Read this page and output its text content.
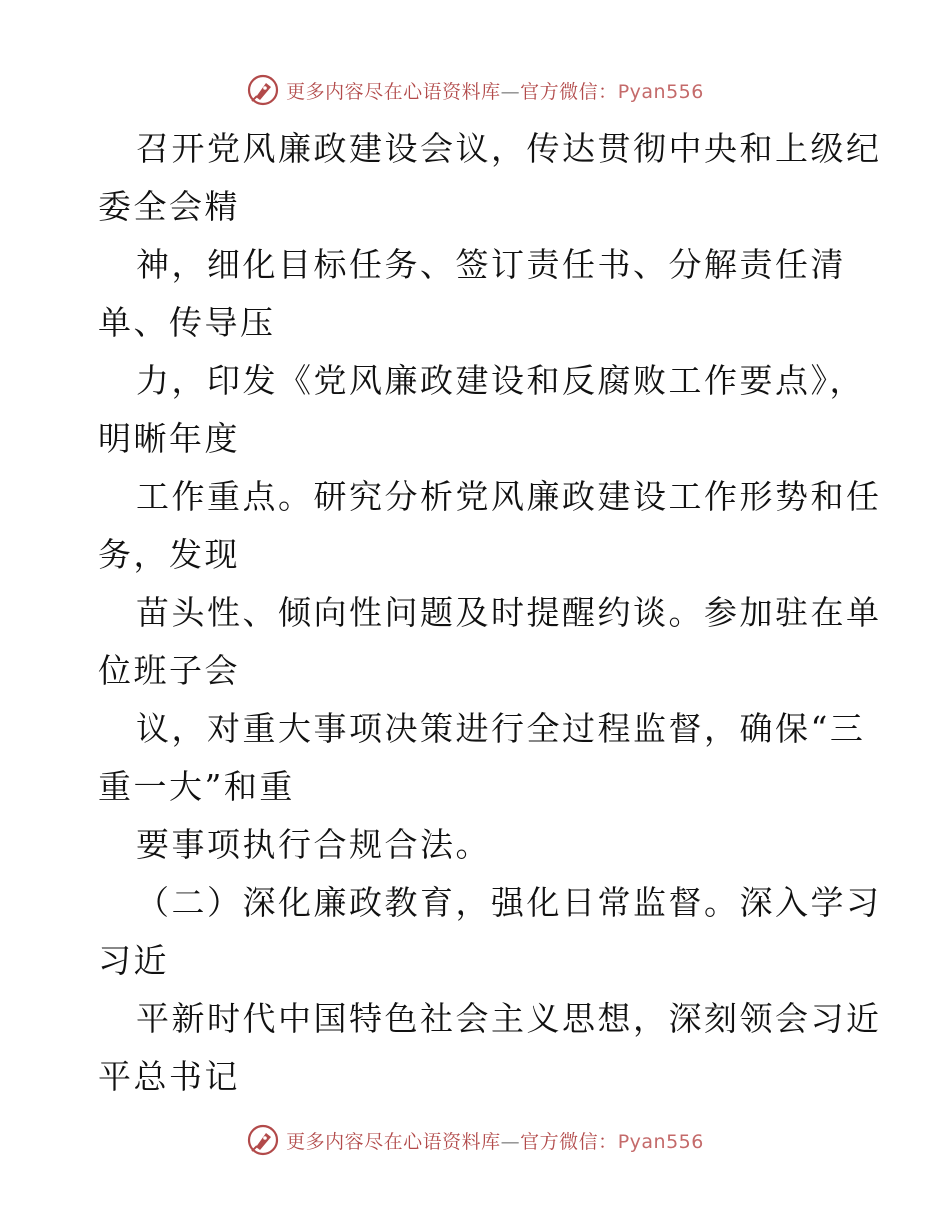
更多内容尽在心语资料库—官方微信：Pyan556
召开党风廉政建设会议，传达贯彻中央和上级纪
委全会精
神，细化目标任务、签订责任书、分解责任清
单、传导压
力，印发《党风廉政建设和反腐败工作要点》，
明晰年度
工作重点。研究分析党风廉政建设工作形势和任
务，发现
苗头性、倾向性问题及时提醒约谈。参加驻在单
位班子会
议，对重大事项决策进行全过程监督，确保“三
重一大”和重
要事项执行合规合法。
（二）深化廉政教育，强化日常监督。深入学习
习近
平新时代中国特色社会主义思想，深刻领会习近
平总书记
更多内容尽在心语资料库—官方微信：Pyan556
